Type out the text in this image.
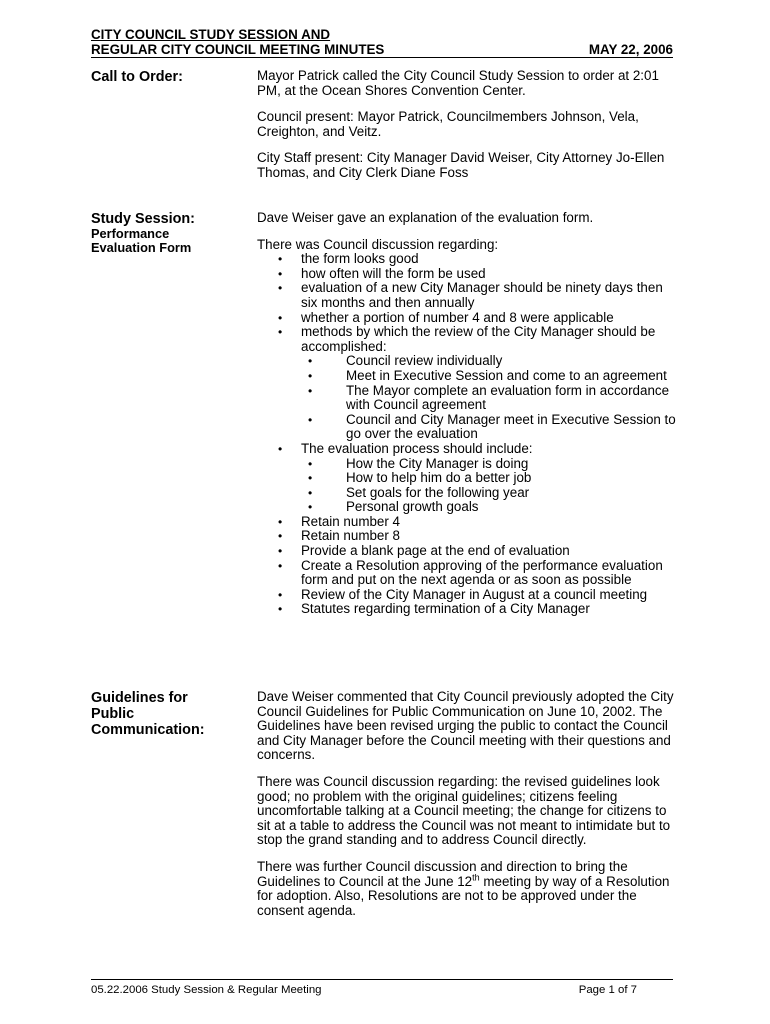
CITY COUNCIL STUDY SESSION AND
REGULAR CITY COUNCIL MEETING MINUTES	MAY 22, 2006
Call to Order:	Mayor Patrick called the City Council Study Session to order at 2:01 PM, at the Ocean Shores Convention Center.

Council present: Mayor Patrick, Councilmembers Johnson, Vela, Creighton, and Veitz.

City Staff present: City Manager David Weiser, City Attorney Jo-Ellen Thomas, and City Clerk Diane Foss

Study Session:
Performance
Evaluation Form

Dave Weiser gave an explanation of the evaluation form.

There was Council discussion regarding:
• the form looks good
• how often will the form be used
• evaluation of a new City Manager should be ninety days then six months and then annually
• whether a portion of number 4 and 8 were applicable
• methods by which the review of the City Manager should be accomplished:
• Council review individually
• Meet in Executive Session and come to an agreement
• The Mayor complete an evaluation form in accordance with Council agreement
• Council and City Manager meet in Executive Session to go over the evaluation
• The evaluation process should include:
• How the City Manager is doing
• How to help him do a better job
• Set goals for the following year
• Personal growth goals
• Retain number 4
• Retain number 8
• Provide a blank page at the end of evaluation
• Create a Resolution approving of the performance evaluation form and put on the next agenda or as soon as possible
• Review of the City Manager in August at a council meeting
• Statutes regarding termination of a City Manager
Guidelines for
Public
Communication:

Dave Weiser commented that City Council previously adopted the City Council Guidelines for Public Communication on June 10, 2002. The Guidelines have been revised urging the public to contact the Council and City Manager before the Council meeting with their questions and concerns.

There was Council discussion regarding: the revised guidelines look good; no problem with the original guidelines; citizens feeling uncomfortable talking at a Council meeting; the change for citizens to sit at a table to address the Council was not meant to intimidate but to stop the grand standing and to address Council directly.

There was further Council discussion and direction to bring the Guidelines to Council at the June 12th meeting by way of a Resolution for adoption. Also, Resolutions are not to be approved under the consent agenda.

05.22.2006 Study Session & Regular Meeting	Page 1 of 7
